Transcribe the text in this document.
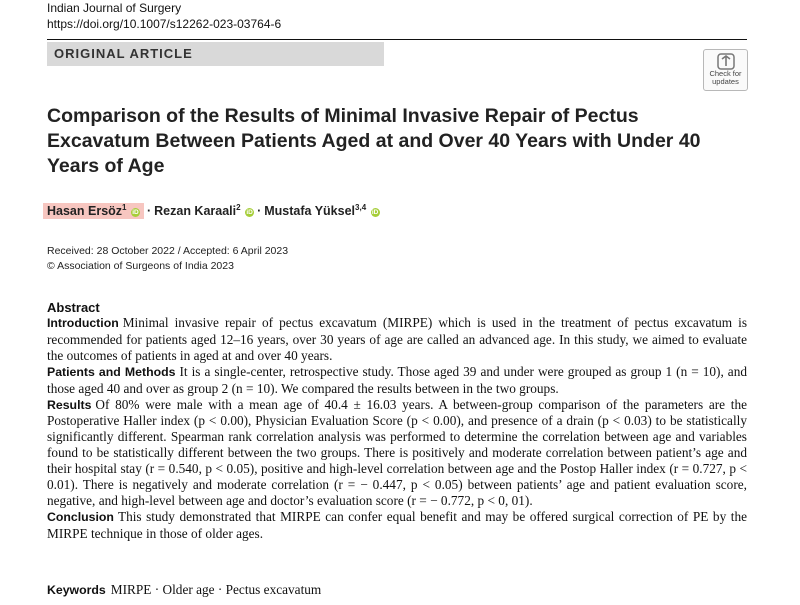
Indian Journal of Surgery
https://doi.org/10.1007/s12262-023-03764-6
ORIGINAL ARTICLE
Check for
updates
Comparison of the Results of Minimal Invasive Repair of Pectus Excavatum Between Patients Aged at and Over 40 Years with Under 40 Years of Age
Hasan Ersöz$^1$ iD · Rezan Karaali$^2$ iD · Mustafa Yüksel$^{3,4}$ iD
Received: 28 October 2022 / Accepted: 6 April 2023
© Association of Surgeons of India 2023
Abstract

Introduction Minimal invasive repair of pectus excavatum (MIRPE) which is used in the treatment of pectus excavatum is recommended for patients aged 12–16 years, over 30 years of age are called an advanced age. In this study, we aimed to evaluate the outcomes of patients in aged at and over 40 years.

Patients and Methods It is a single-center, retrospective study. Those aged 39 and under were grouped as group 1 (n = 10), and those aged 40 and over as group 2 (n = 10). We compared the results between in the two groups.

Results Of 80% were male with a mean age of 40.4 ± 16.03 years. A between-group comparison of the parameters are the Postoperative Haller index (p < 0.00), Physician Evaluation Score (p < 0.00), and presence of a drain (p < 0.03) to be statistically significantly different. Spearman rank correlation analysis was performed to determine the correlation between age and variables found to be statistically different between the two groups. There is positively and moderate correlation between patient’s age and their hospital stay (r = 0.540, p < 0.05), positive and high-level correlation between age and the Postop Haller index (r = 0.727, p < 0.01). There is negatively and moderate correlation (r = − 0.447, p < 0.05) between patients’ age and patient evaluation score, negative, and high-level between age and doctor’s evaluation score (r = − 0.772, p < 0, 01).

Conclusion This study demonstrated that MIRPE can confer equal benefit and may be offered surgical correction of PE by the MIRPE technique in those of older ages.

Keywords MIRPE · Older age · Pectus excavatum
